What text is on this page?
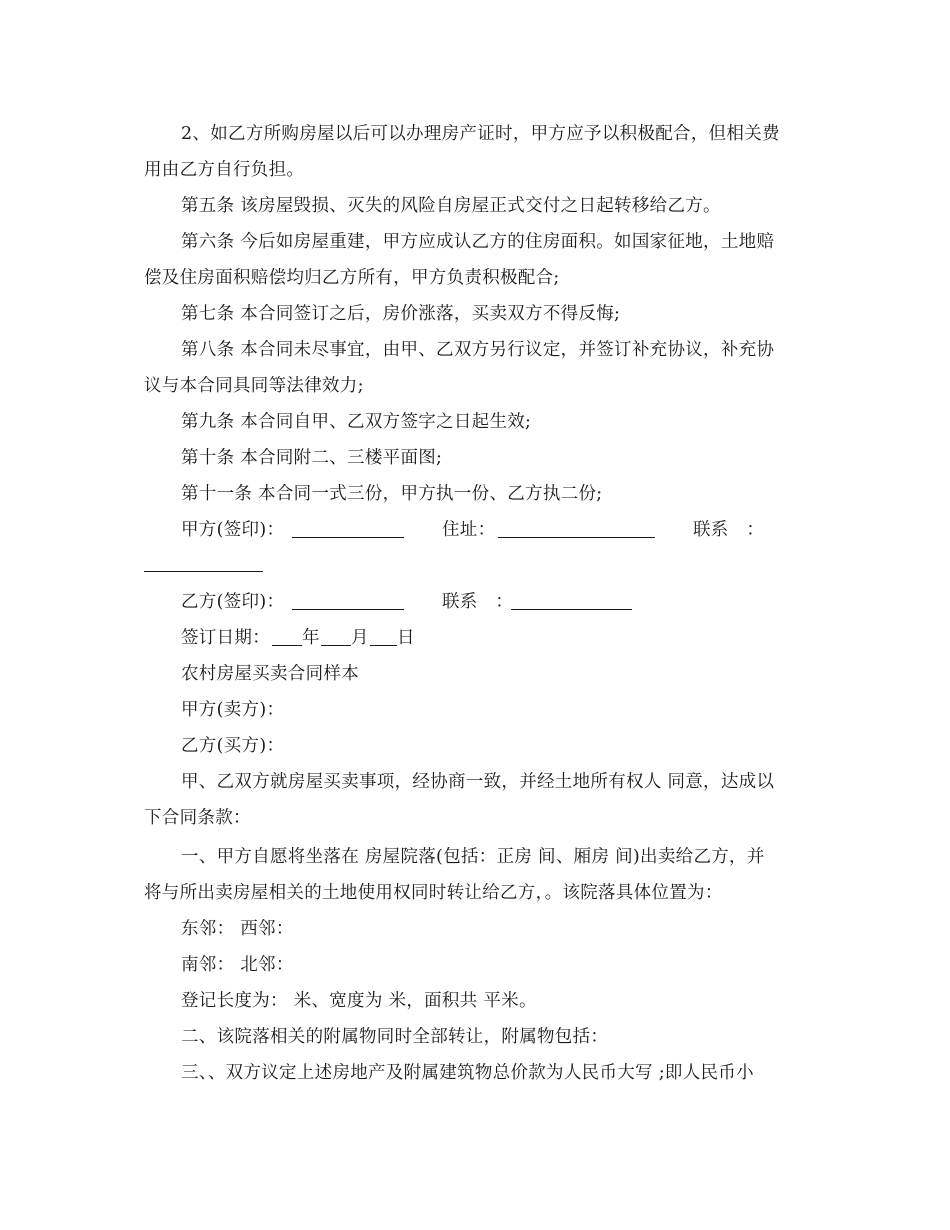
2、如乙方所购房屋以后可以办理房产证时，甲方应予以积极配合，但相关费
用由乙方自行负担。
第五条 该房屋毁损、灭失的风险自房屋正式交付之日起转移给乙方。
第六条 今后如房屋重建，甲方应成认乙方的住房面积。如国家征地，土地赔
偿及住房面积赔偿均归乙方所有，甲方负责积极配合;
第七条 本合同签订之后，房价涨落，买卖双方不得反悔;
第八条 本合同未尽事宜，由甲、乙双方另行议定，并签订补充协议，补充协
议与本合同具同等法律效力;
第九条 本合同自甲、乙双方签字之日起生效;
第十条 本合同附二、三楼平面图;
第十一条 本合同一式三份，甲方执一份、乙方执二份;
甲方(签印)：	住址：	联系　：
乙方(签印)：	联系　：
签订日期： 年 月 日
农村房屋买卖合同样本
甲方(卖方)：
乙方(买方)：
甲、乙双方就房屋买卖事项，经协商一致，并经土地所有权人 同意，达成以
下合同条款：
一、甲方自愿将坐落在 房屋院落(包括：正房 间、厢房 间)出卖给乙方，并
将与所出卖房屋相关的土地使用权同时转让给乙方，。该院落具体位置为：
东邻： 西邻：
南邻： 北邻：
登记长度为： 米、宽度为 米，面积共 平米。
二、该院落相关的附属物同时全部转让，附属物包括：
三、、双方议定上述房地产及附属建筑物总价款为人民币大写 ;即人民币小
